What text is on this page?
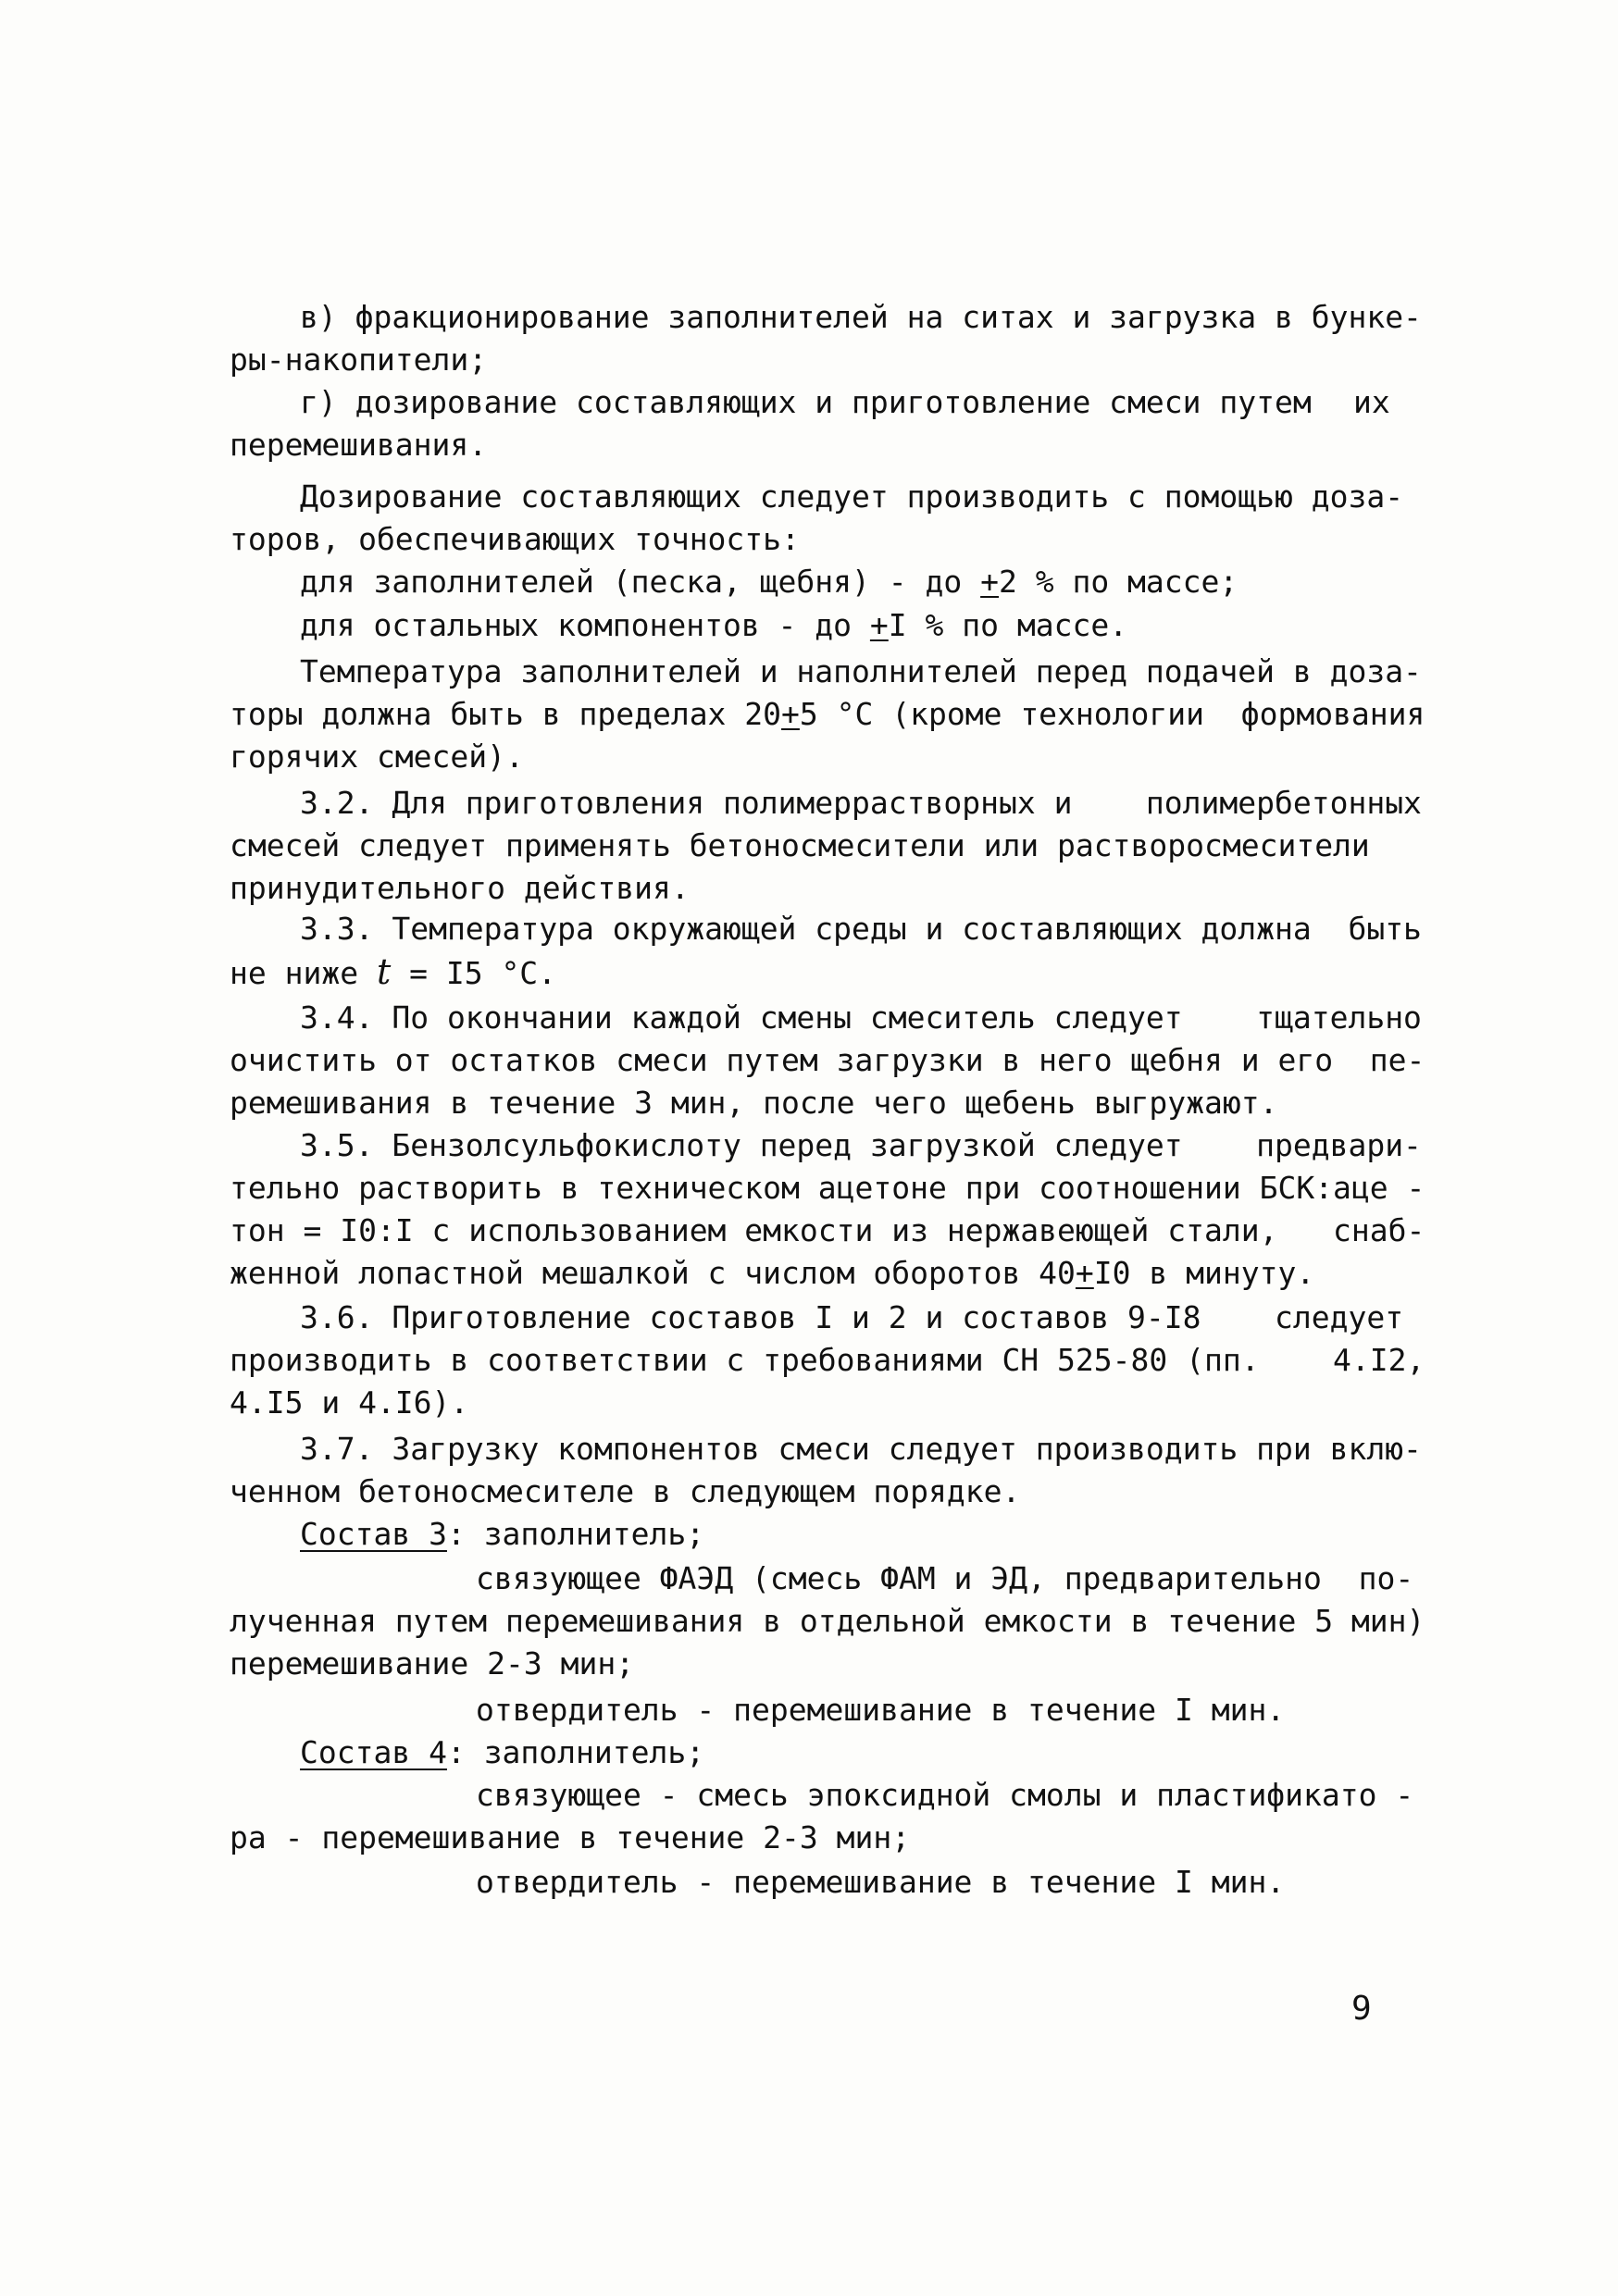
в) фракционирование заполнителей на ситах и загрузка в бунке-
ры-накопители;
г) дозирование составляющих и приготовление смеси путем их
перемешивания.
Дозирование составляющих следует производить с помощью доза-
торов, обеспечивающих точность:
для заполнителей (песка, щебня) - до +2 % по массе;
для остальных компонентов - до +I % по массе.
Температура заполнителей и наполнителей перед подачей в доза-
торы должна быть в пределах 20+5 °С (кроме технологии  формования
горячих смесей).
3.2. Для приготовления полимеррастворных и    полимербетонных
смесей следует применять бетоносмесители или растворосмесители
принудительного действия.
3.3. Температура окружающей среды и составляющих должна  быть
не ниже t = I5 °С.
3.4. По окончании каждой смены смеситель следует    тщательно
очистить от остатков смеси путем загрузки в него щебня и его  пе-
ремешивания в течение 3 мин, после чего щебень выгружают.
3.5. Бензолсульфокислоту перед загрузкой следует    предвари-
тельно растворить в техническом ацетоне при соотношении БСК:аце -
тон = I0:I с использованием емкости из нержавеющей стали,   снаб-
женной лопастной мешалкой с числом оборотов 40+I0 в минуту.
3.6. Приготовление составов I и 2 и составов 9-I8    следует
производить в соответствии с требованиями СН 525-80 (пп.    4.I2,
4.I5 и 4.I6).
3.7. Загрузку компонентов смеси следует производить при вклю-
ченном бетоносмесителе в следующем порядке.
Состав 3: заполнитель;
связующее ФАЭД (смесь ФАМ и ЭД, предварительно  по-
лученная путем перемешивания в отдельной емкости в течение 5 мин)
перемешивание 2-3 мин;
отвердитель - перемешивание в течение I мин.
Состав 4: заполнитель;
связующее - смесь эпоксидной смолы и пластификато -
ра - перемешивание в течение 2-3 мин;
отвердитель - перемешивание в течение I мин.
9
